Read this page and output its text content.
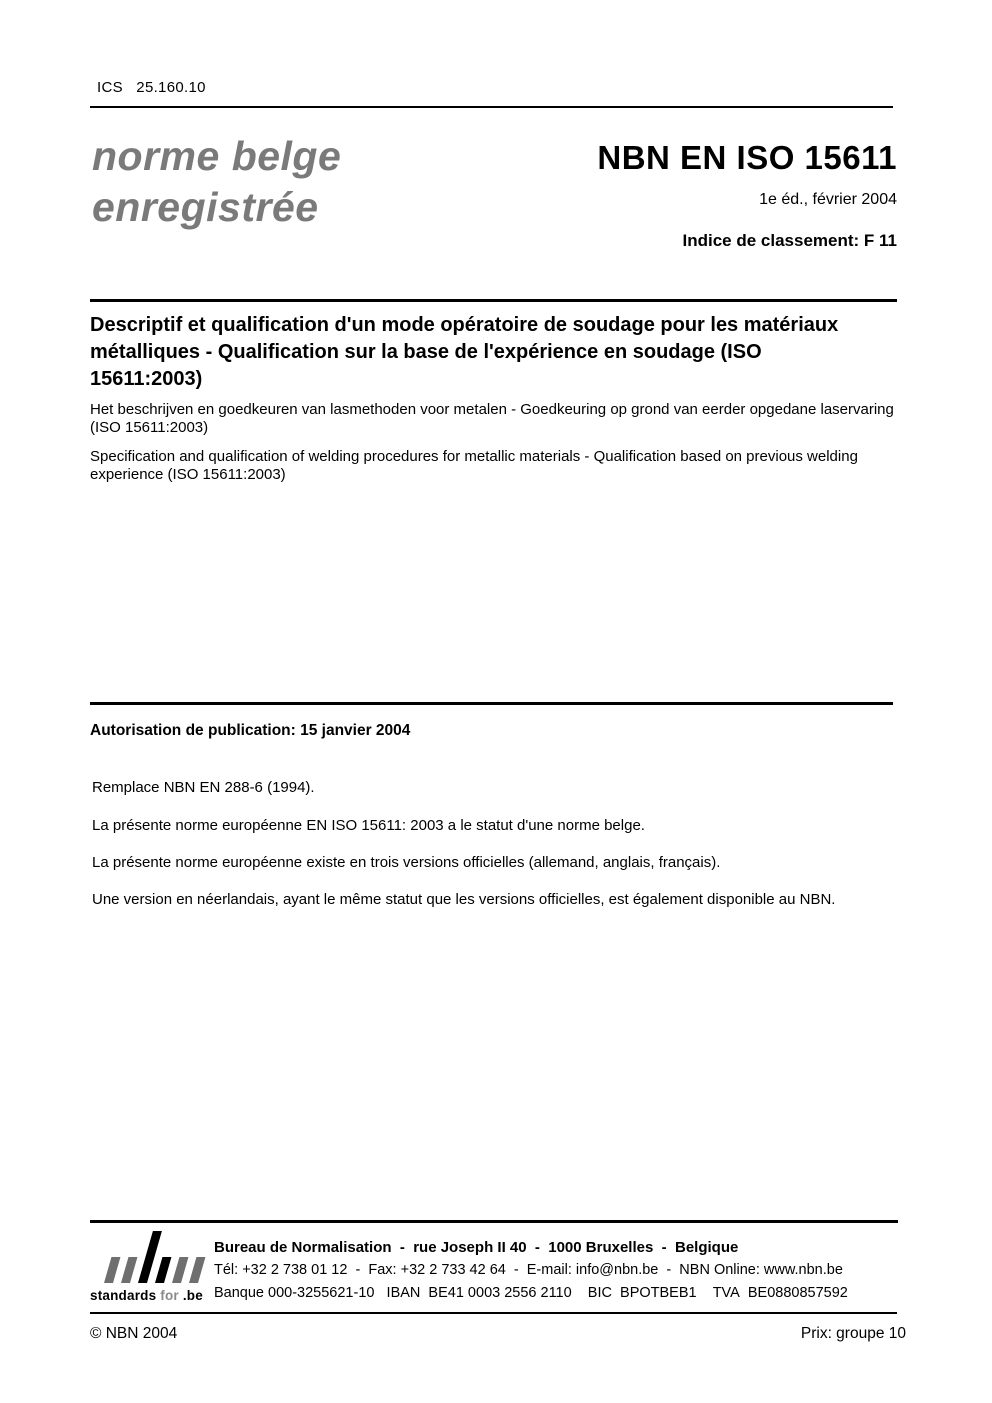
ICS   25.160.10
norme belge
enregistrée
NBN EN ISO 15611
1e éd., février 2004
Indice de classement: F 11
Descriptif et qualification d'un mode opératoire de soudage pour les matériaux métalliques - Qualification sur la base de l'expérience en soudage (ISO 15611:2003)
Het beschrijven en goedkeuren van lasmethoden voor metalen - Goedkeuring op grond van eerder opgedane laservaring (ISO 15611:2003)
Specification and qualification of welding procedures for metallic materials - Qualification based on previous welding experience (ISO 15611:2003)
Autorisation de publication: 15 janvier 2004
Remplace NBN EN 288-6 (1994).
La présente norme européenne EN ISO 15611: 2003 a le statut d'une norme belge.
La présente norme européenne existe en trois versions officielles (allemand, anglais, français).
Une version en néerlandais, ayant le même statut que les versions officielles, est également disponible au NBN.
standards for .be
Bureau de Normalisation  -  rue Joseph II 40  -  1000 Bruxelles  -  Belgique
Tél: +32 2 738 01 12  -  Fax: +32 2 733 42 64  -  E-mail: info@nbn.be  -  NBN Online: www.nbn.be
Banque 000-3255621-10   IBAN  BE41 0003 2556 2110    BIC  BPOTBEB1    TVA  BE0880857592
© NBN 2004	Prix: groupe 10
